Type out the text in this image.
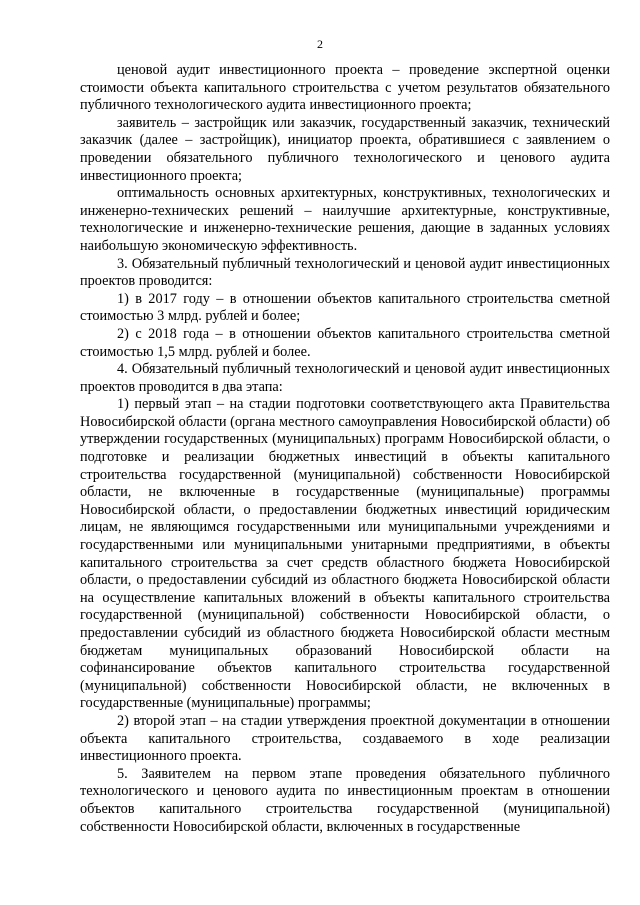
2

ценовой аудит инвестиционного проекта – проведение экспертной оценки стоимости объекта капитального строительства с учетом результатов обязательного публичного технологического аудита инвестиционного проекта;

заявитель – застройщик или заказчик, государственный заказчик, технический заказчик (далее – застройщик), инициатор проекта, обратившиеся с заявлением о проведении обязательного публичного технологического и ценового аудита инвестиционного проекта;

оптимальность основных архитектурных, конструктивных, технологических и инженерно-технических решений – наилучшие архитектурные, конструктивные, технологические и инженерно-технические решения, дающие в заданных условиях наибольшую экономическую эффективность.

3. Обязательный публичный технологический и ценовой аудит инвестиционных проектов проводится:

1) в 2017 году – в отношении объектов капитального строительства сметной стоимостью 3 млрд. рублей и более;

2) с 2018 года – в отношении объектов капитального строительства сметной стоимостью 1,5 млрд. рублей и более.

4. Обязательный публичный технологический и ценовой аудит инвестиционных проектов проводится в два этапа:

1) первый этап – на стадии подготовки соответствующего акта Правительства Новосибирской области (органа местного самоуправления Новосибирской области) об утверждении государственных (муниципальных) программ Новосибирской области, о подготовке и реализации бюджетных инвестиций в объекты капитального строительства государственной (муниципальной) собственности Новосибирской области, не включенные в государственные (муниципальные) программы Новосибирской области, о предоставлении бюджетных инвестиций юридическим лицам, не являющимся государственными или муниципальными учреждениями и государственными или муниципальными унитарными предприятиями, в объекты капитального строительства за счет средств областного бюджета Новосибирской области, о предоставлении субсидий из областного бюджета Новосибирской области на осуществление капитальных вложений в объекты капитального строительства государственной (муниципальной) собственности Новосибирской области, о предоставлении субсидий из областного бюджета Новосибирской области местным бюджетам муниципальных образований Новосибирской области на софинансирование объектов капитального строительства государственной (муниципальной) собственности Новосибирской области, не включенных в государственные (муниципальные) программы;

2) второй этап – на стадии утверждения проектной документации в отношении объекта капитального строительства, создаваемого в ходе реализации инвестиционного проекта.

5. Заявителем на первом этапе проведения обязательного публичного технологического и ценового аудита по инвестиционным проектам в отношении объектов капитального строительства государственной (муниципальной) собственности Новосибирской области, включенных в государственные
